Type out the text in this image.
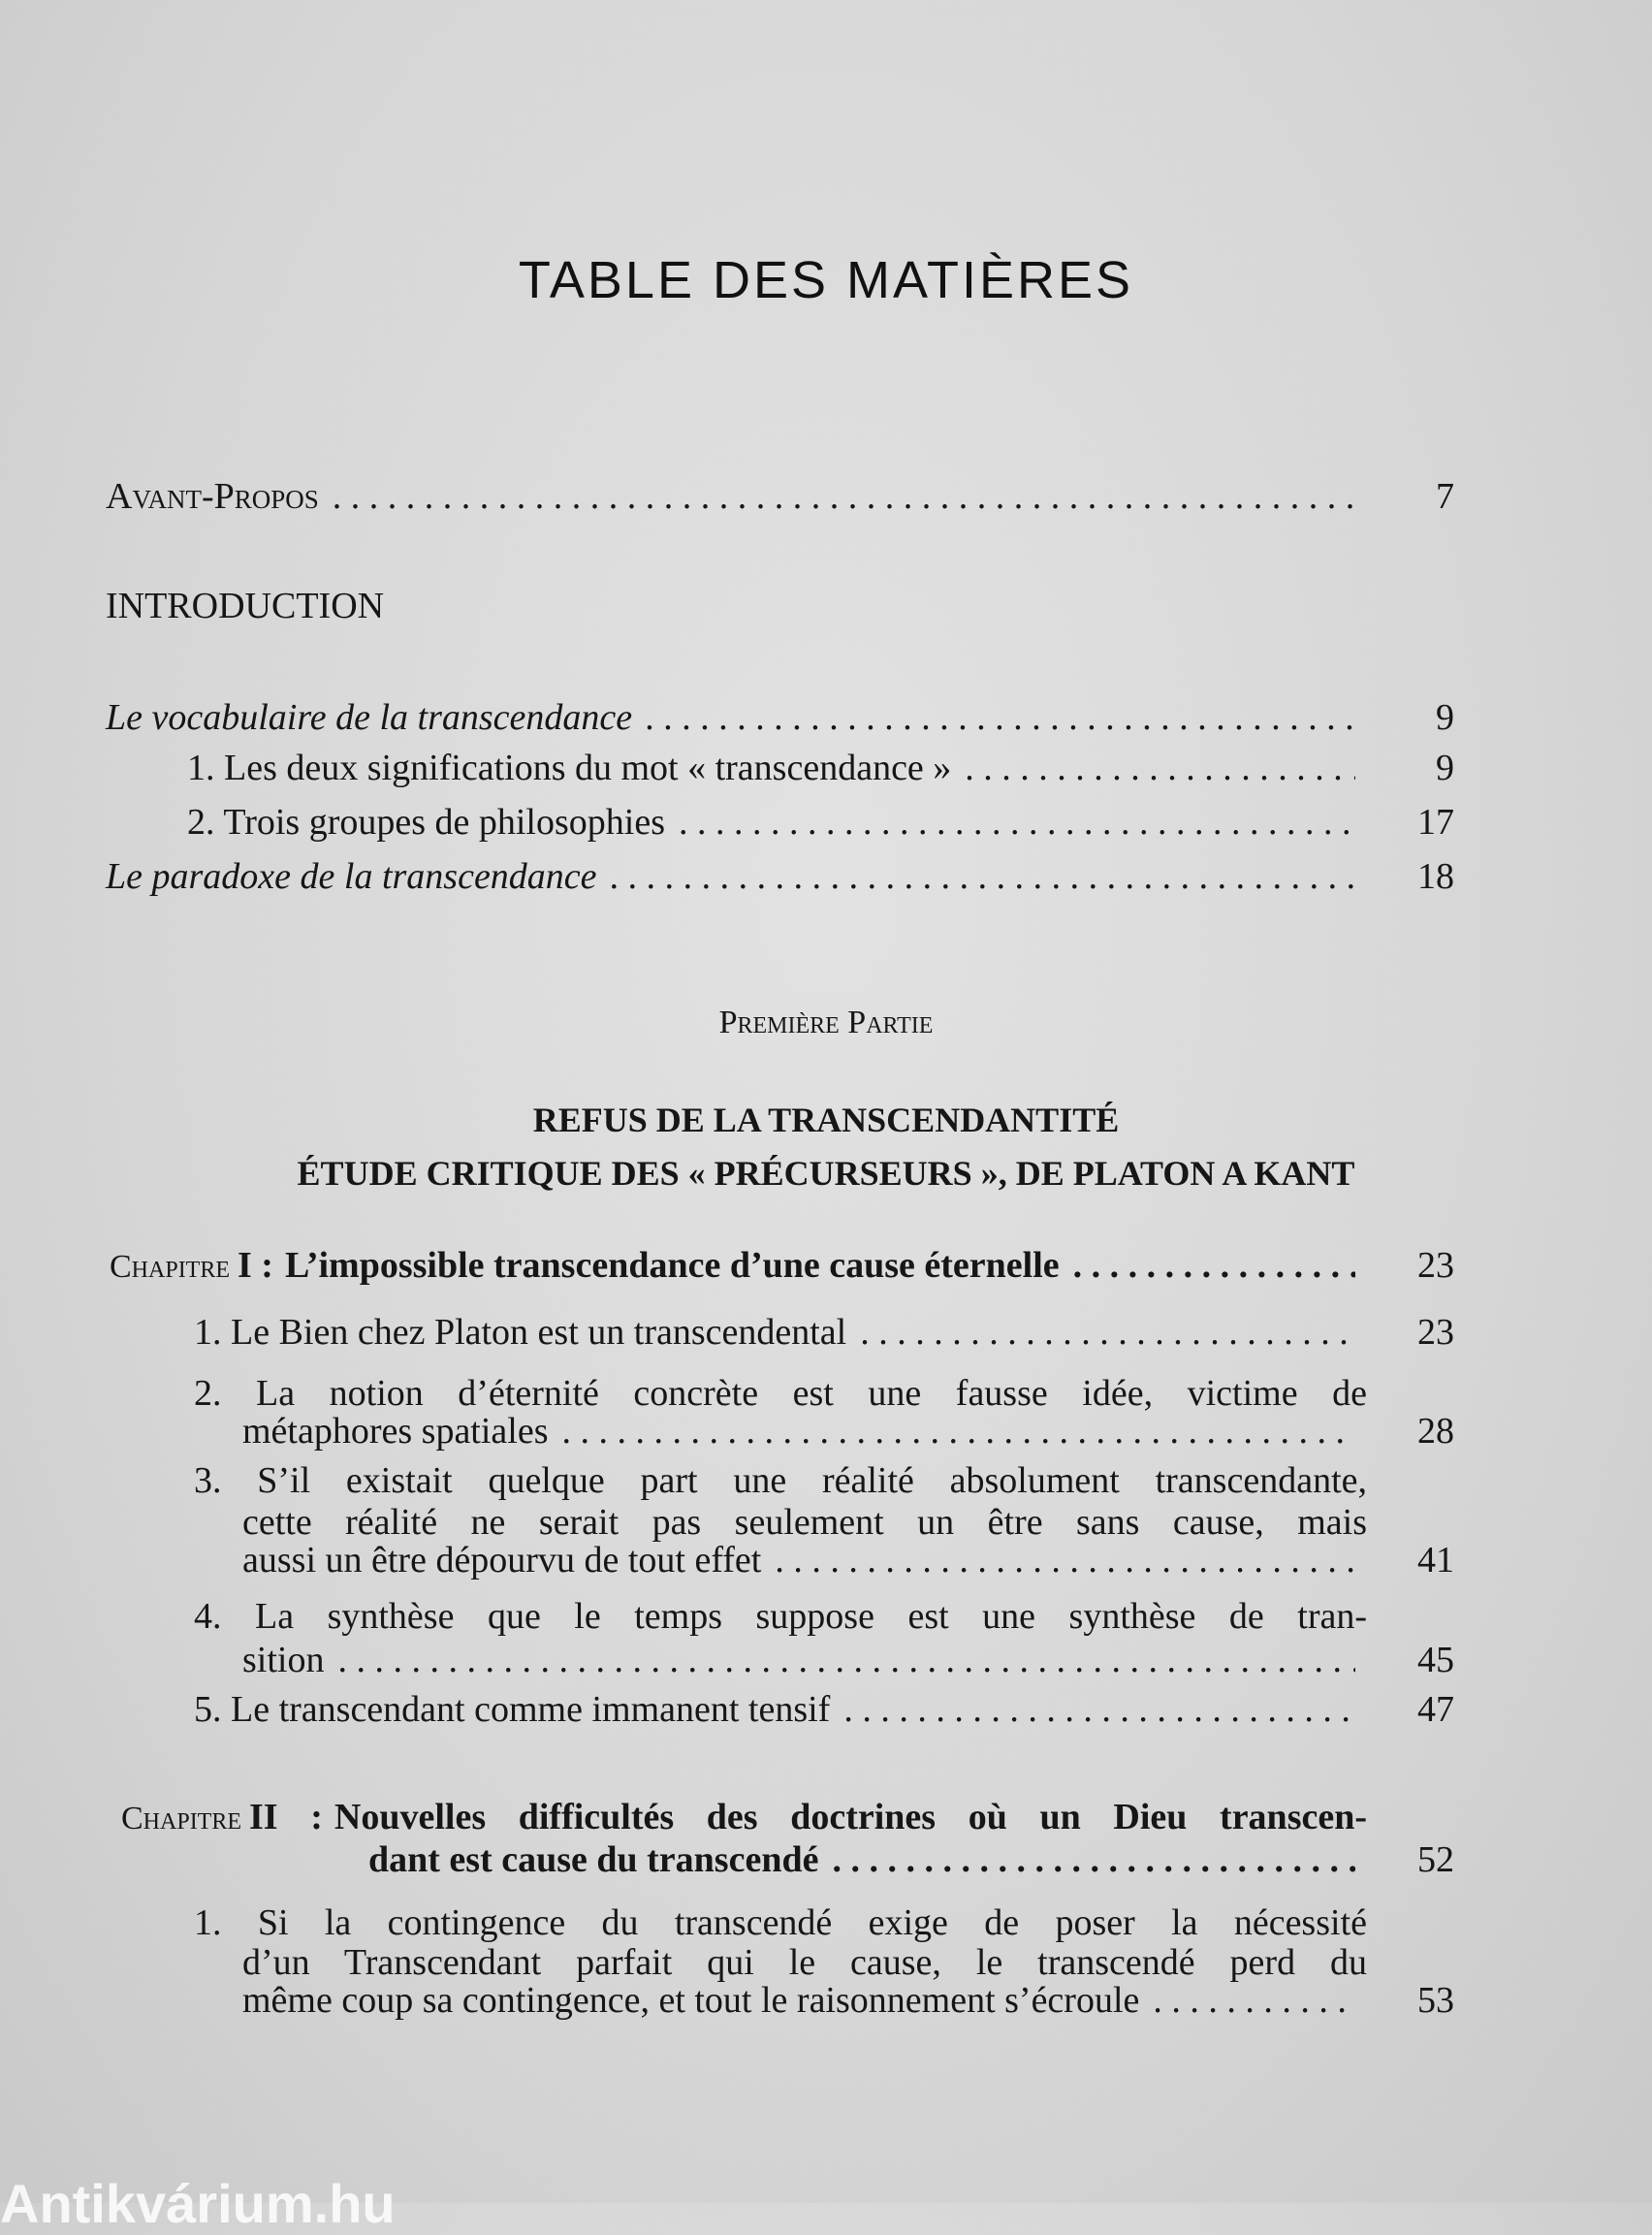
TABLE DES MATIÈRES
7
Avant-Propos
. . .
INTRODUCTION
9
Le vocabulaire de la transcendance
. . .
9
1. Les deux significations du mot « transcendance »
. . .
17
2. Trois groupes de philosophies
. . .
18
Le paradoxe de la transcendance
. . .
Première Partie
REFUS DE LA TRANSCENDANTITÉ
ÉTUDE CRITIQUE DES « PRÉCURSEURS », DE PLATON A KANT
23
Chapitre I : L’impossible transcendance d’une cause éternelle
. . .
23
1. Le Bien chez Platon est un transcendental
. . .
2. La notion d’éternité concrète est une fausse idée, victime de
28
métaphores spatiales
. . .
3. S’il existait quelque part une réalité absolument transcendante,
cette réalité ne serait pas seulement un être sans cause, mais
41
aussi un être dépourvu de tout effet
. . .
4. La synthèse que le temps suppose est une synthèse de tran-
45
sition
. . .
47
5. Le transcendant comme immanent tensif
. . .
Chapitre II : Nouvelles difficultés des doctrines où un Dieu transcen-
52
dant est cause du transcendé
. . .
1. Si la contingence du transcendé exige de poser la nécessité
d’un Transcendant parfait qui le cause, le transcendé perd du
53
même coup sa contingence, et tout le raisonnement s’écroule
. . .
Antikvárium.hu
